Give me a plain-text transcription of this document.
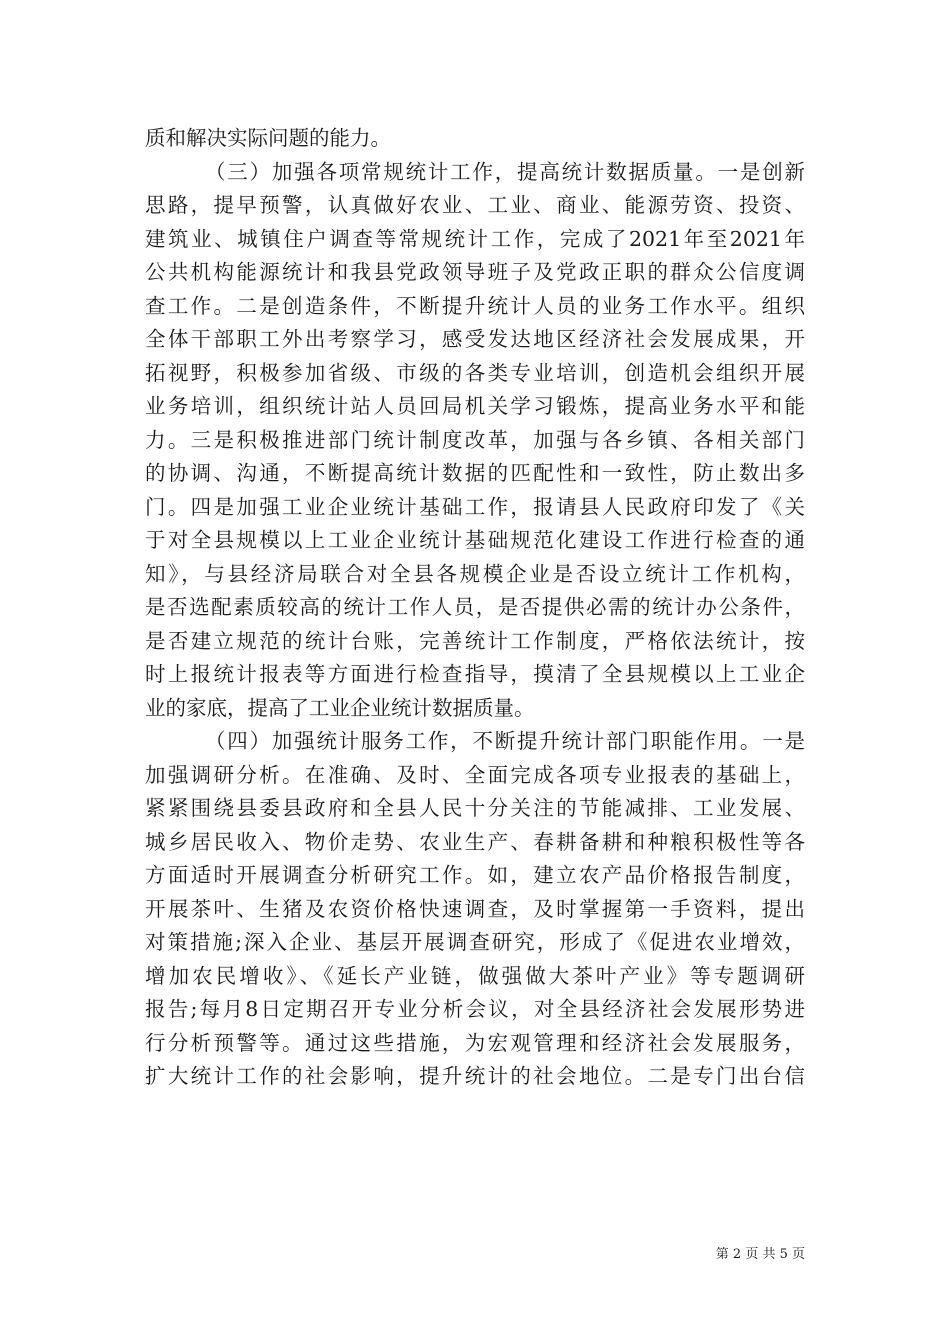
质和解决实际问题的能力。
（三）加强各项常规统计工作，提高统计数据质量。一是创新
思路，提早预警，认真做好农业、工业、商业、能源劳资、投资、
建筑业、城镇住户调查等常规统计工作，完成了2021年至2021年
公共机构能源统计和我县党政领导班子及党政正职的群众公信度调
查工作。二是创造条件，不断提升统计人员的业务工作水平。组织
全体干部职工外出考察学习，感受发达地区经济社会发展成果，开
拓视野，积极参加省级、市级的各类专业培训，创造机会组织开展
业务培训，组织统计站人员回局机关学习锻炼，提高业务水平和能
力。三是积极推进部门统计制度改革，加强与各乡镇、各相关部门
的协调、沟通，不断提高统计数据的匹配性和一致性，防止数出多
门。四是加强工业企业统计基础工作，报请县人民政府印发了《关
于对全县规模以上工业企业统计基础规范化建设工作进行检查的通
知》，与县经济局联合对全县各规模企业是否设立统计工作机构，
是否选配素质较高的统计工作人员，是否提供必需的统计办公条件，
是否建立规范的统计台账，完善统计工作制度，严格依法统计，按
时上报统计报表等方面进行检查指导，摸清了全县规模以上工业企
业的家底，提高了工业企业统计数据质量。
（四）加强统计服务工作，不断提升统计部门职能作用。一是
加强调研分析。在准确、及时、全面完成各项专业报表的基础上，
紧紧围绕县委县政府和全县人民十分关注的节能减排、工业发展、
城乡居民收入、物价走势、农业生产、春耕备耕和种粮积极性等各
方面适时开展调查分析研究工作。如，建立农产品价格报告制度，
开展茶叶、生猪及农资价格快速调查，及时掌握第一手资料，提出
对策措施;深入企业、基层开展调查研究，形成了《促进农业增效，
增加农民增收》、《延长产业链，做强做大茶叶产业》等专题调研
报告;每月8日定期召开专业分析会议，对全县经济社会发展形势进
行分析预警等。通过这些措施，为宏观管理和经济社会发展服务，
扩大统计工作的社会影响，提升统计的社会地位。二是专门出台信
第 2 页 共 5 页
